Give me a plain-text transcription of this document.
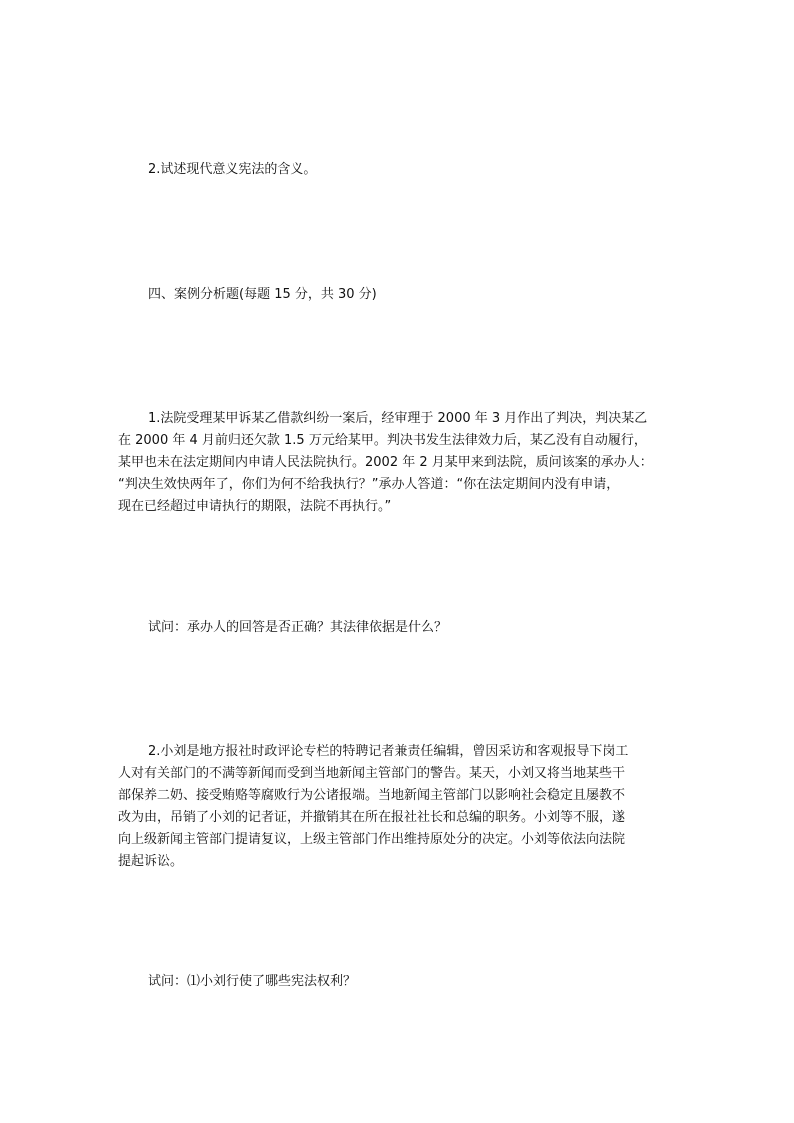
2.试述现代意义宪法的含义。

四、案例分析题(每题 15 分，共 30 分)

1.法院受理某甲诉某乙借款纠纷一案后，经审理于 2000 年 3 月作出了判决，判决某乙
在 2000 年 4 月前归还欠款 1.5 万元给某甲。判决书发生法律效力后，某乙没有自动履行，
某甲也未在法定期间内申请人民法院执行。2002 年 2 月某甲来到法院，质问该案的承办人：
“判决生效快两年了，你们为何不给我执行？”承办人答道：“你在法定期间内没有申请，
现在已经超过申请执行的期限，法院不再执行。”

试问：承办人的回答是否正确？其法律依据是什么？

2.小刘是地方报社时政评论专栏的特聘记者兼责任编辑，曾因采访和客观报导下岗工
人对有关部门的不满等新闻而受到当地新闻主管部门的警告。某天，小刘又将当地某些干
部保养二奶、接受贿赂等腐败行为公诸报端。当地新闻主管部门以影响社会稳定且屡教不
改为由，吊销了小刘的记者证，并撤销其在所在报社社长和总编的职务。小刘等不服，遂
向上级新闻主管部门提请复议，上级主管部门作出维持原处分的决定。小刘等依法向法院
提起诉讼。

试问：⑴小刘行使了哪些宪法权利？
